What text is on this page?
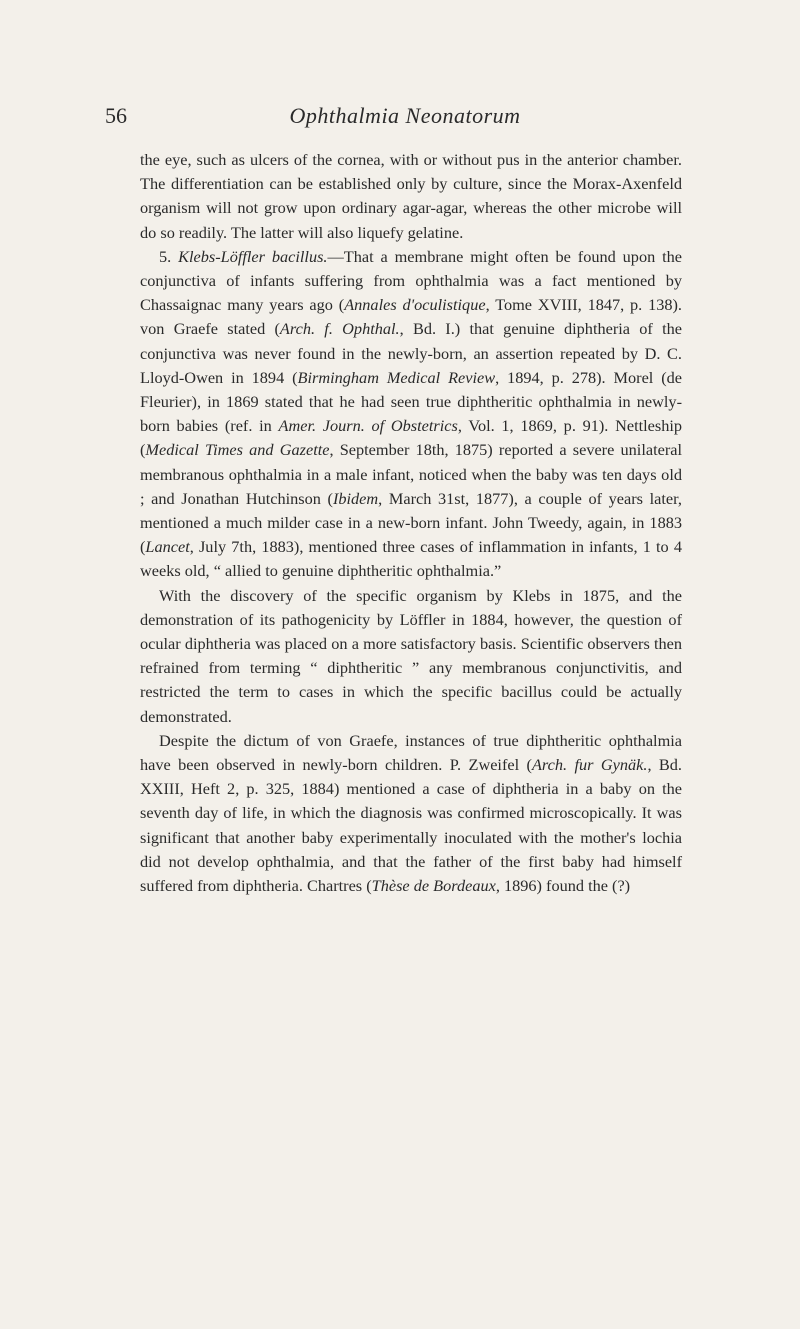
56	Ophthalmia Neonatorum

the eye, such as ulcers of the cornea, with or without pus in the anterior chamber. The differentiation can be established only by culture, since the Morax-Axenfeld organism will not grow upon ordinary agar-agar, whereas the other microbe will do so readily. The latter will also liquefy gelatine.

5. Klebs-Löffler bacillus.—That a membrane might often be found upon the conjunctiva of infants suffering from ophthalmia was a fact mentioned by Chassaignac many years ago (Annales d'oculistique, Tome XVIII, 1847, p. 138). von Graefe stated (Arch. f. Ophthal., Bd. I.) that genuine diphtheria of the conjunctiva was never found in the newly-born, an assertion repeated by D. C. Lloyd-Owen in 1894 (Birmingham Medical Review, 1894, p. 278). Morel (de Fleurier), in 1869 stated that he had seen true diphtheritic ophthalmia in newly-born babies (ref. in Amer. Journ. of Obstetrics, Vol. 1, 1869, p. 91). Nettleship (Medical Times and Gazette, September 18th, 1875) reported a severe unilateral membranous ophthalmia in a male infant, noticed when the baby was ten days old ; and Jonathan Hutchinson (Ibidem, March 31st, 1877), a couple of years later, mentioned a much milder case in a new-born infant. John Tweedy, again, in 1883 (Lancet, July 7th, 1883), mentioned three cases of inflammation in infants, 1 to 4 weeks old, “ allied to genuine diphtheritic ophthalmia.”

With the discovery of the specific organism by Klebs in 1875, and the demonstration of its pathogenicity by Löffler in 1884, however, the question of ocular diphtheria was placed on a more satisfactory basis. Scientific observers then refrained from terming “ diphtheritic ” any membranous conjunctivitis, and restricted the term to cases in which the specific bacillus could be actually demonstrated.

Despite the dictum of von Graefe, instances of true diphtheritic ophthalmia have been observed in newly-born children. P. Zweifel (Arch. fur Gynäk., Bd. XXIII, Heft 2, p. 325, 1884) mentioned a case of diphtheria in a baby on the seventh day of life, in which the diagnosis was confirmed microscopically. It was significant that another baby experimentally inoculated with the mother's lochia did not develop ophthalmia, and that the father of the first baby had himself suffered from diphtheria. Chartres (Thèse de Bordeaux, 1896) found the (?)
